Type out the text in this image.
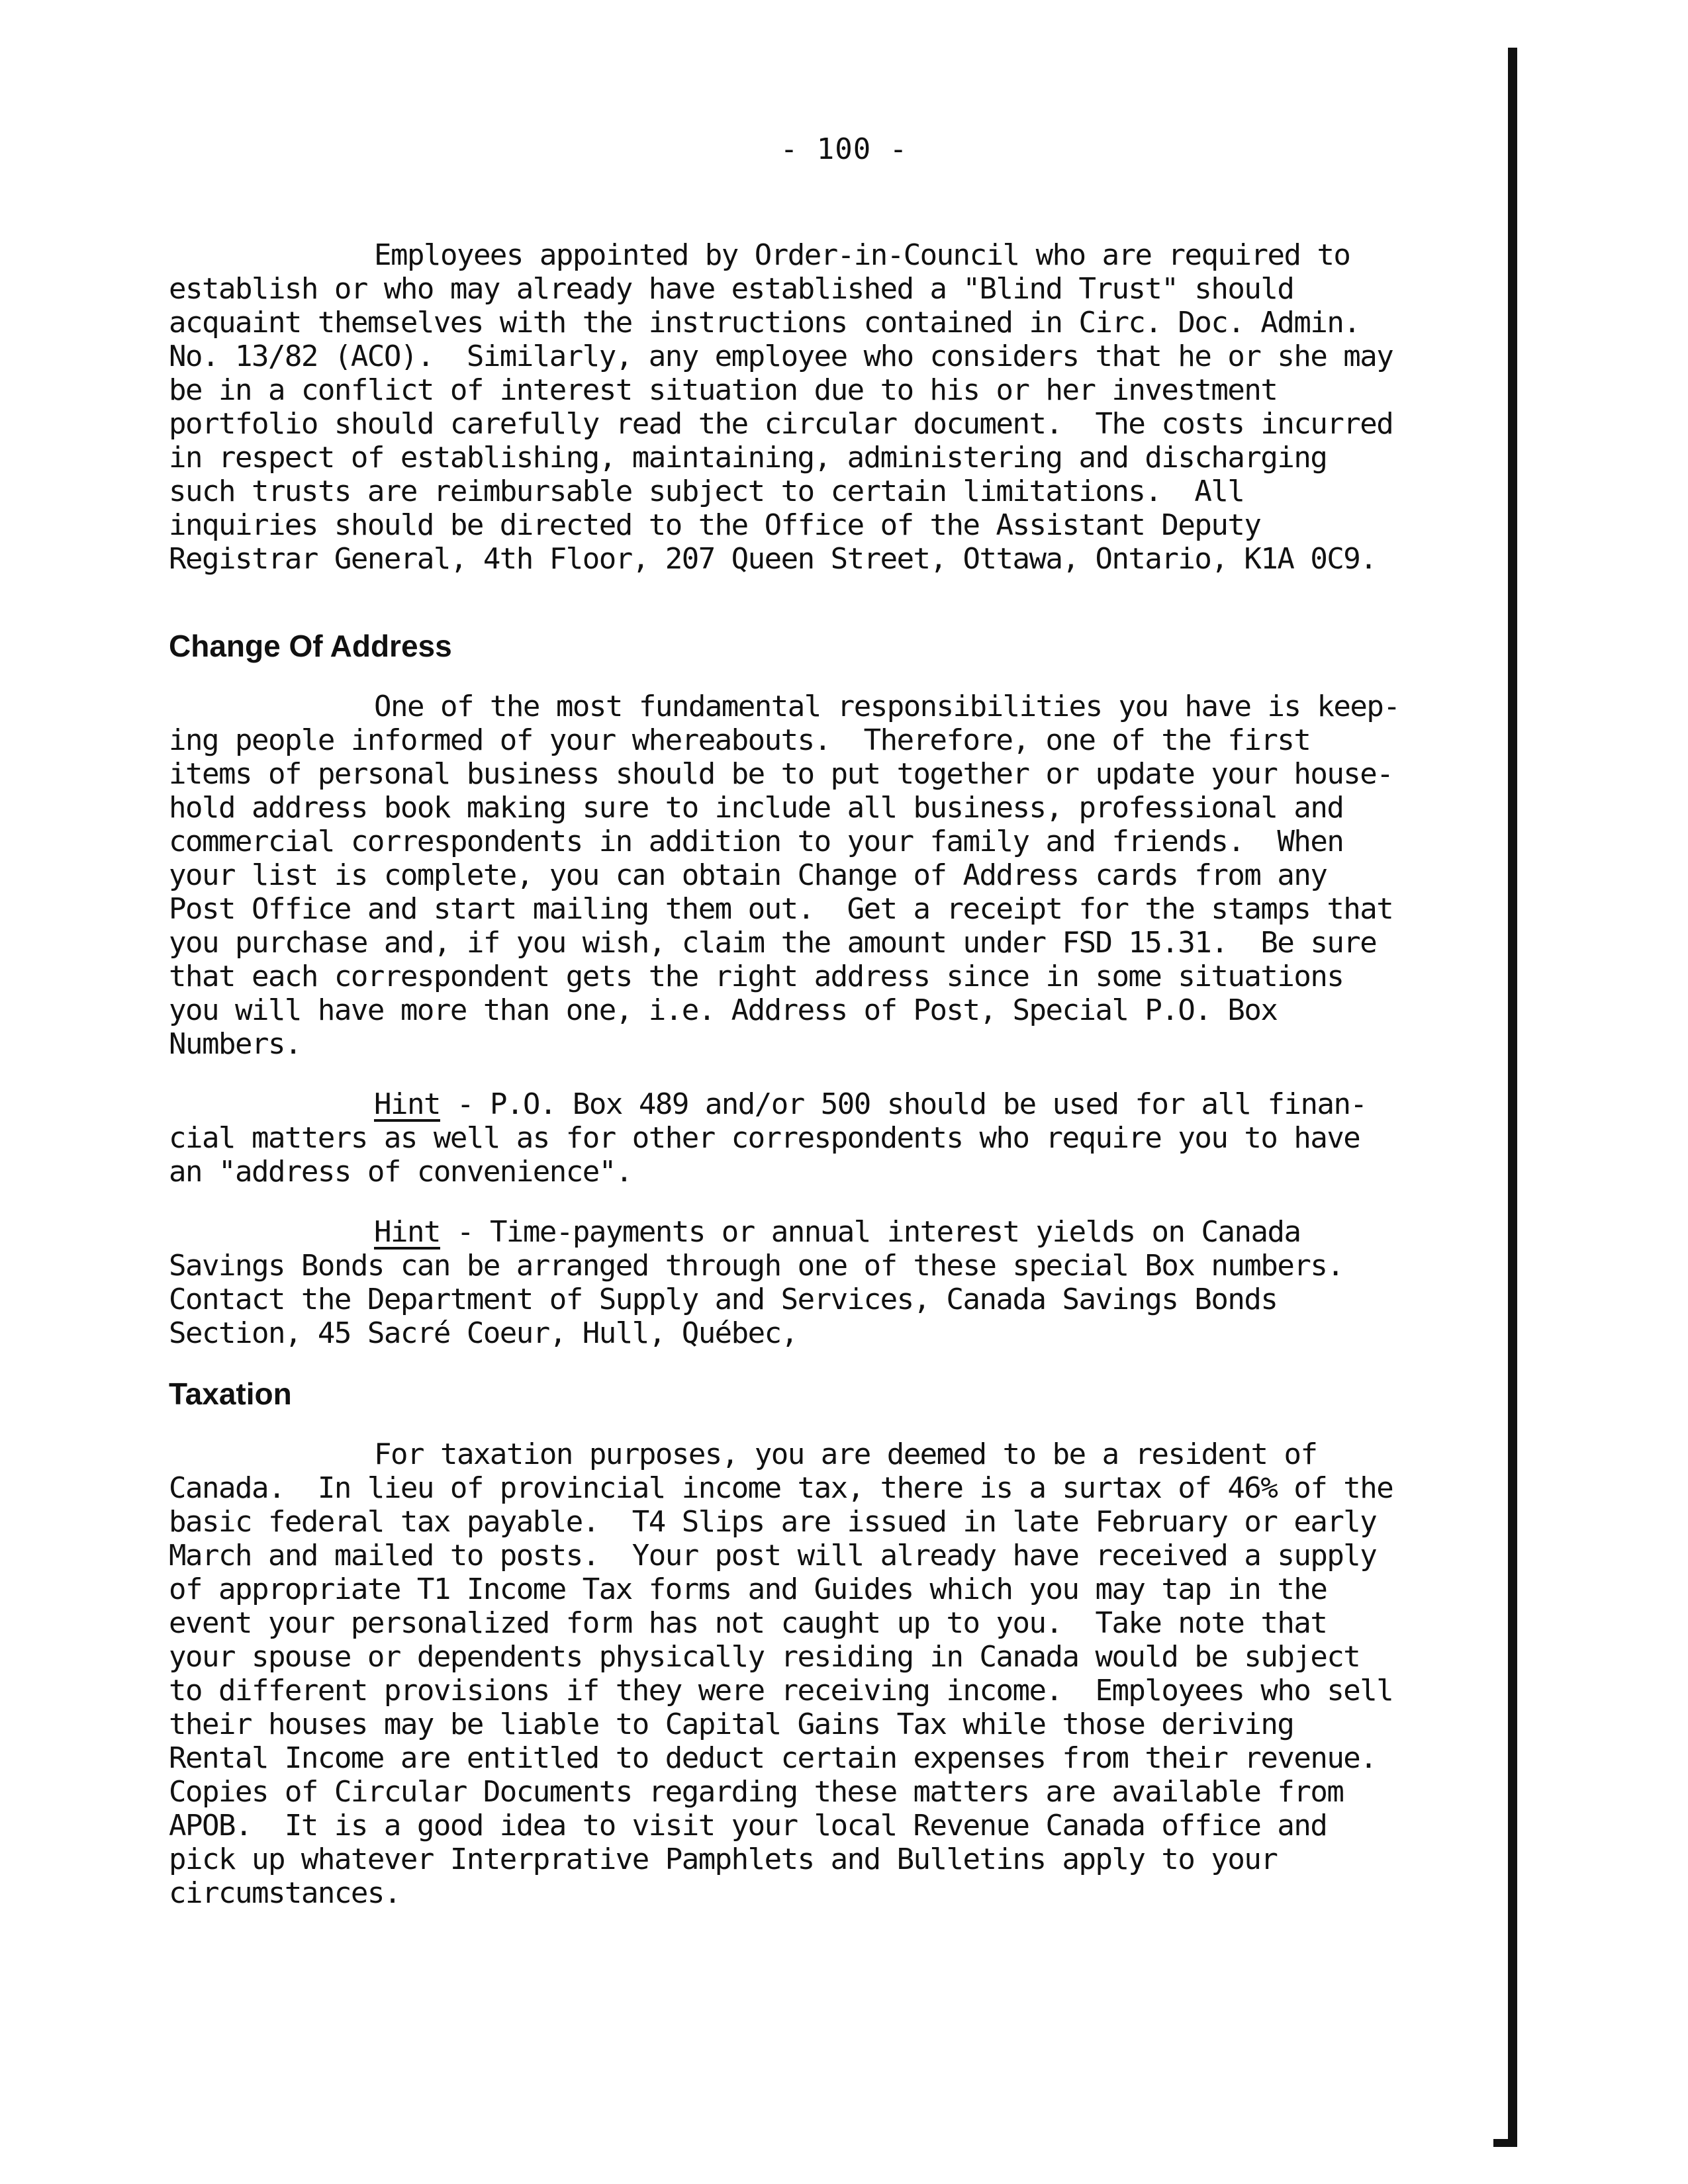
- 100 -
Employees appointed by Order-in-Council who are required to
establish or who may already have established a "Blind Trust" should
acquaint themselves with the instructions contained in Circ. Doc. Admin.
No. 13/82 (ACO).  Similarly, any employee who considers that he or she may
be in a conflict of interest situation due to his or her investment
portfolio should carefully read the circular document.  The costs incurred
in respect of establishing, maintaining, administering and discharging
such trusts are reimbursable subject to certain limitations.  All
inquiries should be directed to the Office of the Assistant Deputy
Registrar General, 4th Floor, 207 Queen Street, Ottawa, Ontario, K1A 0C9.
Change Of Address
One of the most fundamental responsibilities you have is keep-
ing people informed of your whereabouts.  Therefore, one of the first
items of personal business should be to put together or update your house-
hold address book making sure to include all business, professional and
commercial correspondents in addition to your family and friends.  When
your list is complete, you can obtain Change of Address cards from any
Post Office and start mailing them out.  Get a receipt for the stamps that
you purchase and, if you wish, claim the amount under FSD 15.31.  Be sure
that each correspondent gets the right address since in some situations
you will have more than one, i.e. Address of Post, Special P.O. Box
Numbers.
Hint - P.O. Box 489 and/or 500 should be used for all finan-
cial matters as well as for other correspondents who require you to have
an "address of convenience".
Hint - Time-payments or annual interest yields on Canada
Savings Bonds can be arranged through one of these special Box numbers.
Contact the Department of Supply and Services, Canada Savings Bonds
Section, 45 Sacré Coeur, Hull, Québec,
Taxation
For taxation purposes, you are deemed to be a resident of
Canada.  In lieu of provincial income tax, there is a surtax of 46% of the
basic federal tax payable.  T4 Slips are issued in late February or early
March and mailed to posts.  Your post will already have received a supply
of appropriate T1 Income Tax forms and Guides which you may tap in the
event your personalized form has not caught up to you.  Take note that
your spouse or dependents physically residing in Canada would be subject
to different provisions if they were receiving income.  Employees who sell
their houses may be liable to Capital Gains Tax while those deriving
Rental Income are entitled to deduct certain expenses from their revenue.
Copies of Circular Documents regarding these matters are available from
APOB.  It is a good idea to visit your local Revenue Canada office and
pick up whatever Interprative Pamphlets and Bulletins apply to your
circumstances.
